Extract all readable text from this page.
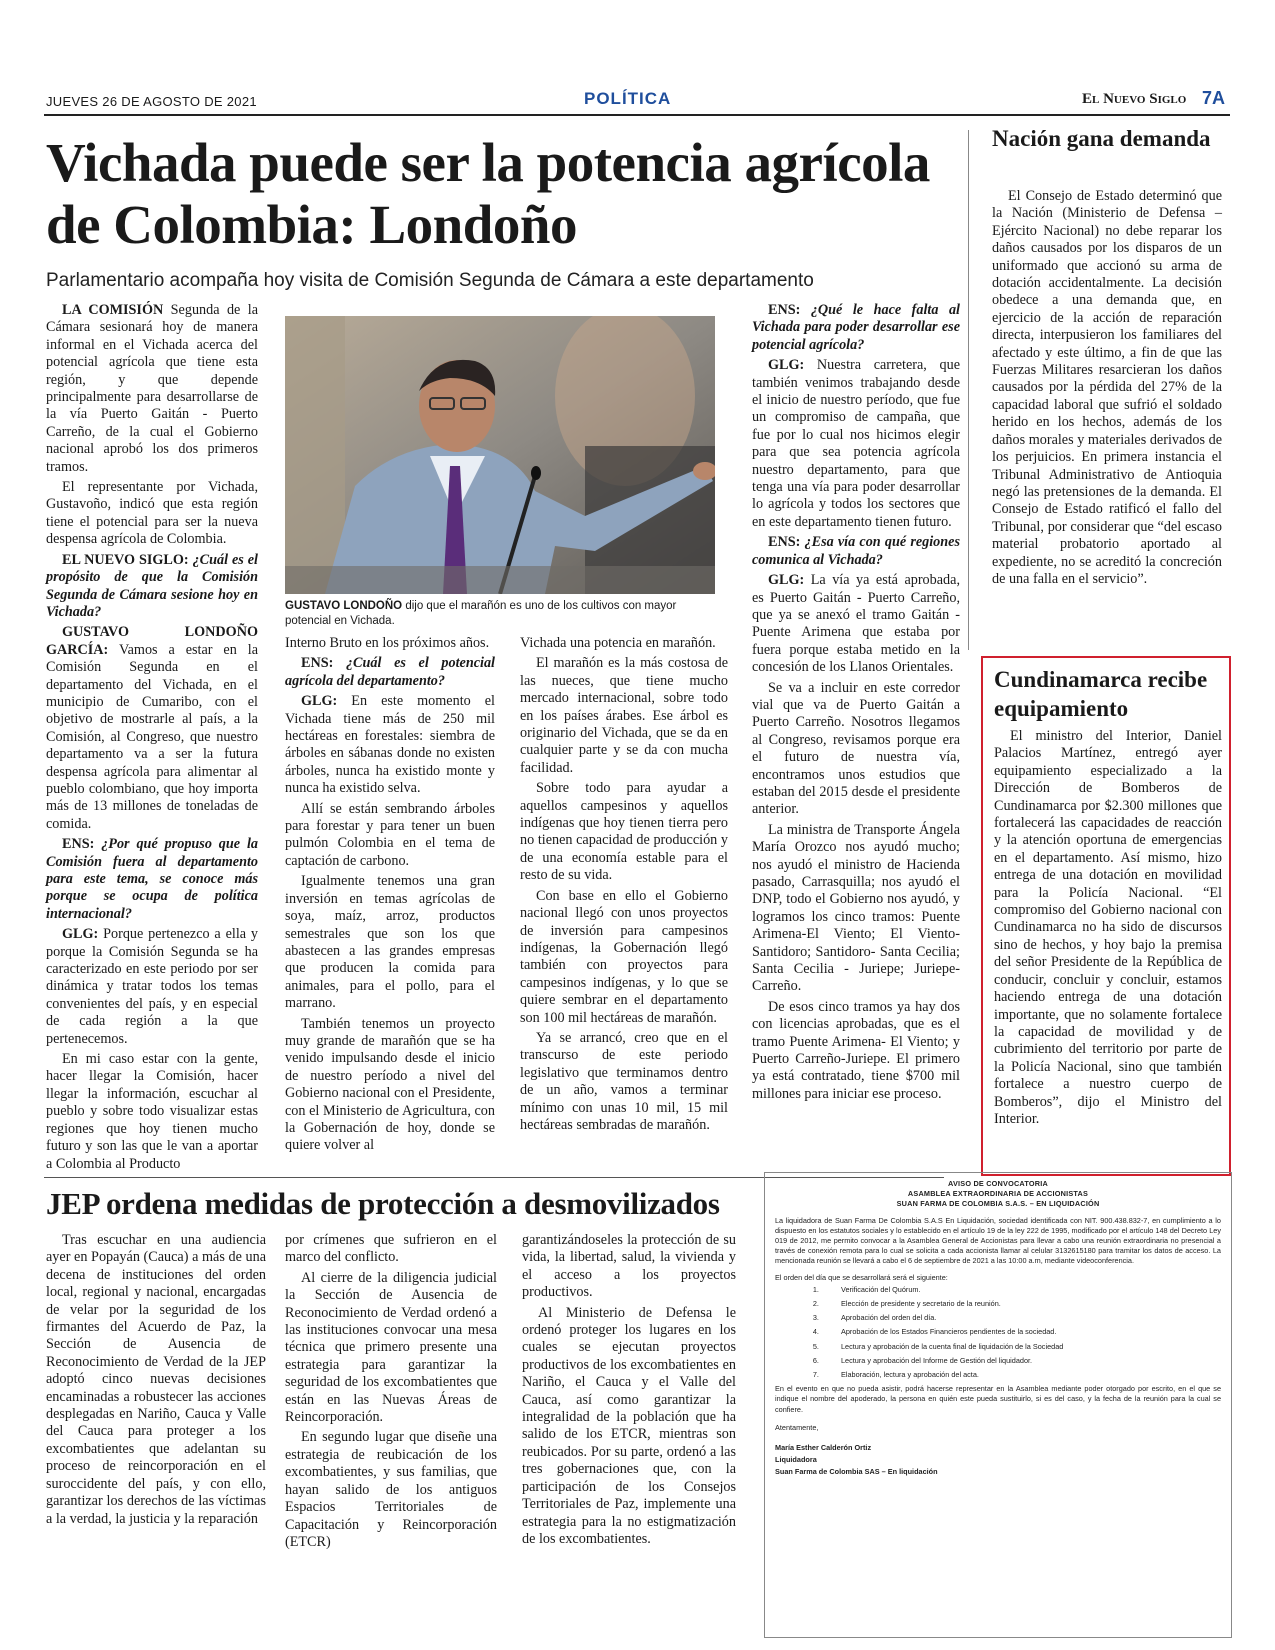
JUEVES 26 DE AGOSTO DE 2021	POLÍTICA	El Nuevo Siglo 7A
Vichada puede ser la potencia agrícola de Colombia: Londoño
Parlamentario acompaña hoy visita de Comisión Segunda de Cámara a este departamento
GUSTAVO LONDOÑO dijo que el marañón es uno de los cultivos con mayor potencial en Vichada.

LA COMISIÓN Segunda de la Cámara sesionará hoy de manera informal en el Vichada acerca del potencial agrícola que tiene esta región, y que depende principalmente para desarrollarse de la vía Puerto Gaitán - Puerto Carreño, de la cual el Gobierno nacional aprobó los dos primeros tramos.

El representante por Vichada, Gustavoño, indicó que esta región tiene el potencial para ser la nueva despensa agrícola de Colombia.

EL NUEVO SIGLO: ¿Cuál es el propósito de que la Comisión Segunda de Cámara sesione hoy en Vichada?

GUSTAVO LONDOÑO GARCÍA: Vamos a estar en la Comisión Segunda en el departamento del Vichada, en el municipio de Cumaribo, con el objetivo de mostrarle al país, a la Comisión, al Congreso, que nuestro departamento va a ser la futura despensa agrícola para alimentar al pueblo colombiano, que hoy importa más de 13 millones de toneladas de comida.

ENS: ¿Por qué propuso que la Comisión fuera al departamento para este tema, se conoce más porque se ocupa de política internacional?

GLG: Porque pertenezco a ella y porque la Comisión Segunda se ha caracterizado en este periodo por ser dinámica y tratar todos los temas convenientes del país, y en especial de cada región a la que pertenecemos.

En mi caso estar con la gente, hacer llegar la Comisión, hacer llegar la información, escuchar al pueblo y sobre todo visualizar estas regiones que hoy tienen mucho futuro y son las que le van a aportar a Colombia al Producto

Interno Bruto en los próximos años.

ENS: ¿Cuál es el potencial agrícola del departamento?

GLG: En este momento el Vichada tiene más de 250 mil hectáreas en forestales: siembra de árboles en sábanas donde no existen árboles, nunca ha existido monte y nunca ha existido selva.

Allí se están sembrando árboles para forestar y para tener un buen pulmón Colombia en el tema de captación de carbono.

Igualmente tenemos una gran inversión en temas agrícolas de soya, maíz, arroz, productos semestrales que son los que abastecen a las grandes empresas que producen la comida para animales, para el pollo, para el marrano.

También tenemos un proyecto muy grande de marañón que se ha venido impulsando desde el inicio de nuestro período a nivel del Gobierno nacional con el Presidente, con el Ministerio de Agricultura, con la Gobernación de hoy, donde se quiere volver al

Vichada una potencia en marañón.

El marañón es la más costosa de las nueces, que tiene mucho mercado internacional, sobre todo en los países árabes. Ese árbol es originario del Vichada, que se da en cualquier parte y se da con mucha facilidad.

Sobre todo para ayudar a aquellos campesinos y aquellos indígenas que hoy tienen tierra pero no tienen capacidad de producción y de una economía estable para el resto de su vida.

Con base en ello el Gobierno nacional llegó con unos proyectos de inversión para campesinos indígenas, la Gobernación llegó también con proyectos para campesinos indígenas, y lo que se quiere sembrar en el departamento son 100 mil hectáreas de marañón.

Ya se arrancó, creo que en el transcurso de este periodo legislativo que terminamos dentro de un año, vamos a terminar mínimo con unas 10 mil, 15 mil hectáreas sembradas de marañón.

ENS: ¿Qué le hace falta al Vichada para poder desarrollar ese potencial agrícola?

GLG: Nuestra carretera, que también venimos trabajando desde el inicio de nuestro período, que fue un compromiso de campaña, que fue por lo cual nos hicimos elegir para que sea potencia agrícola nuestro departamento, para que tenga una vía para poder desarrollar lo agrícola y todos los sectores que en este departamento tienen futuro.

ENS: ¿Esa vía con qué regiones comunica al Vichada?

GLG: La vía ya está aprobada, es Puerto Gaitán - Puerto Carreño, que ya se anexó el tramo Gaitán - Puente Arimena que estaba por fuera porque estaba metido en la concesión de los Llanos Orientales.

Se va a incluir en este corredor vial que va de Puerto Gaitán a Puerto Carreño. Nosotros llegamos al Congreso, revisamos porque era el futuro de nuestra vía, encontramos unos estudios que estaban del 2015 desde el presidente anterior.

La ministra de Transporte Ángela María Orozco nos ayudó mucho; nos ayudó el ministro de Hacienda pasado, Carrasquilla; nos ayudó el DNP, todo el Gobierno nos ayudó, y logramos los cinco tramos: Puente Arimena-El Viento; El Viento- Santidoro; Santidoro- Santa Cecilia; Santa Cecilia - Juriepe; Juriepe-Carreño.

De esos cinco tramos ya hay dos con licencias aprobadas, que es el tramo Puente Arimena- El Viento; y Puerto Carreño-Juriepe. El primero ya está contratado, tiene $700 mil millones para iniciar ese proceso.

Nación gana demanda

El Consejo de Estado determinó que la Nación (Ministerio de Defensa – Ejército Nacional) no debe reparar los daños causados por los disparos de un uniformado que accionó su arma de dotación accidentalmente. La decisión obedece a una demanda que, en ejercicio de la acción de reparación directa, interpusieron los familiares del afectado y este último, a fin de que las Fuerzas Militares resarcieran los daños causados por la pérdida del 27% de la capacidad laboral que sufrió el soldado herido en los hechos, además de los daños morales y materiales derivados de los perjuicios. En primera instancia el Tribunal Administrativo de Antioquia negó las pretensiones de la demanda. El Consejo de Estado ratificó el fallo del Tribunal, por considerar que “del escaso material probatorio aportado al expediente, no se acreditó la concreción de una falla en el servicio”.

Cundinamarca recibe equipamiento

El ministro del Interior, Daniel Palacios Martínez, entregó ayer equipamiento especializado a la Dirección de Bomberos de Cundinamarca por $2.300 millones que fortalecerá las capacidades de reacción y la atención oportuna de emergencias en el departamento. Así mismo, hizo entrega de una dotación en movilidad para la Policía Nacional. “El compromiso del Gobierno nacional con Cundinamarca no ha sido de discursos sino de hechos, y hoy bajo la premisa del señor Presidente de la República de conducir, concluir y concluir, estamos haciendo entrega de una dotación importante, que no solamente fortalece la capacidad de movilidad y de cubrimiento del territorio por parte de la Policía Nacional, sino que también fortalece a nuestro cuerpo de Bomberos”, dijo el Ministro del Interior.

JEP ordena medidas de protección a desmovilizados

Tras escuchar en una audiencia ayer en Popayán (Cauca) a más de una decena de instituciones del orden local, regional y nacional, encargadas de velar por la seguridad de los firmantes del Acuerdo de Paz, la Sección de Ausencia de Reconocimiento de Verdad de la JEP adoptó cinco nuevas decisiones encaminadas a robustecer las acciones desplegadas en Nariño, Cauca y Valle del Cauca para proteger a los excombatientes que adelantan su proceso de reincorporación en el suroccidente del país, y con ello, garantizar los derechos de las víctimas a la verdad, la justicia y la reparación

por crímenes que sufrieron en el marco del conflicto.

Al cierre de la diligencia judicial la Sección de Ausencia de Reconocimiento de Verdad ordenó a las instituciones convocar una mesa técnica que primero presente una estrategia para garantizar la seguridad de los excombatientes que están en las Nuevas Áreas de Reincorporación.

En segundo lugar que diseñe una estrategia de reubicación de los excombatientes, y sus familias, que hayan salido de los antiguos Espacios Territoriales de Capacitación y Reincorporación (ETCR)

garantizándoseles la protección de su vida, la libertad, salud, la vivienda y el acceso a los proyectos productivos.

Al Ministerio de Defensa le ordenó proteger los lugares en los cuales se ejecutan proyectos productivos de los excombatientes en Nariño, el Cauca y el Valle del Cauca, así como garantizar la integralidad de la población que ha salido de los ETCR, mientras son reubicados. Por su parte, ordenó a las tres gobernaciones que, con la participación de los Consejos Territoriales de Paz, implemente una estrategia para la no estigmatización de los excombatientes.

AVISO DE CONVOCATORIA
ASAMBLEA EXTRAORDINARIA DE ACCIONISTAS
SUAN FARMA DE COLOMBIA S.A.S. – EN LIQUIDACIÓN

La liquidadora de Suan Farma De Colombia S.A.S En Liquidación, sociedad identificada con NIT. 900.438.832-7, en cumplimiento a lo dispuesto en los estatutos sociales y lo establecido en el artículo 19 de la ley 222 de 1995, modificado por el artículo 148 del Decreto Ley 019 de 2012, me permito convocar a la Asamblea General de Accionistas para llevar a cabo una reunión extraordinaria no presencial a través de conexión remota para lo cual se solicita a cada accionista llamar al celular 3132615180 para tramitar los datos de acceso. La mencionada reunión se llevará a cabo el 6 de septiembre de 2021 a las 10:00 a.m, mediante videoconferencia.

El orden del día que se desarrollará será el siguiente:

1. Verificación del Quórum.
2. Elección de presidente y secretario de la reunión.
3. Aprobación del orden del día.
4. Aprobación de los Estados Financieros pendientes de la sociedad.
5. Lectura y aprobación de la cuenta final de liquidación de la Sociedad
6. Lectura y aprobación del Informe de Gestión del liquidador.
7. Elaboración, lectura y aprobación del acta.

En el evento en que no pueda asistir, podrá hacerse representar en la Asamblea mediante poder otorgado por escrito, en el que se indique el nombre del apoderado, la persona en quién este pueda sustituirlo, si es del caso, y la fecha de la reunión para la cual se confiere.

Atentamente,

María Esther Calderón Ortiz

Liquidadora

Suan Farma de Colombia SAS – En liquidación
